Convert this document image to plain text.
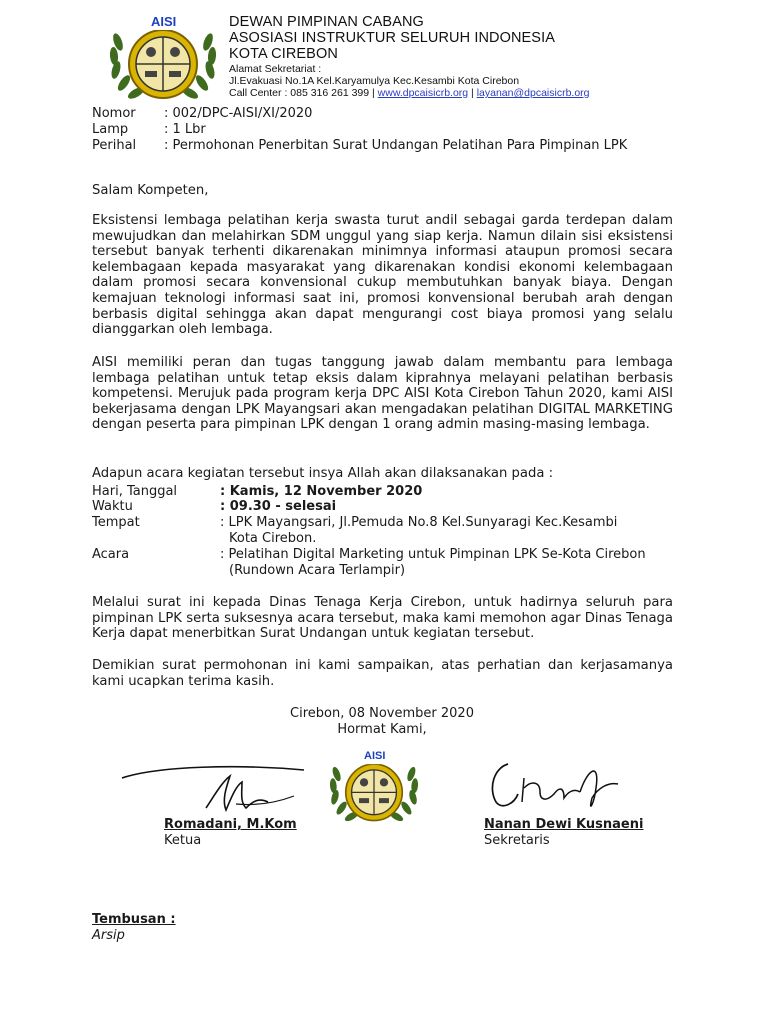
AISI	DEWAN PIMPINAN CABANG
ASOSIASI INSTRUKTUR SELURUH INDONESIA
KOTA CIREBON
Alamat Sekretariat :
Jl.Evakuasi No.1A Kel.Karyamulya Kec.Kesambi Kota Cirebon
Call Center : 085 316 261 399 | www.dpcaisicrb.org | layanan@dpcaisicrb.org
Nomor : 002/DPC-AISI/XI/2020
Lamp	: 1 Lbr
Perihal : Permohonan Penerbitan Surat Undangan Pelatihan Para Pimpinan LPK
Salam Kompeten,
Eksistensi lembaga pelatihan kerja swasta turut andil sebagai garda terdepan dalam mewujudkan dan melahirkan SDM unggul yang siap kerja. Namun dilain sisi eksistensi tersebut banyak terhenti dikarenakan minimnya informasi ataupun promosi secara kelembagaan kepada masyarakat yang dikarenakan kondisi ekonomi kelembagaan dalam promosi secara konvensional cukup membutuhkan banyak biaya. Dengan kemajuan teknologi informasi saat ini, promosi konvensional berubah arah dengan berbasis digital sehingga akan dapat mengurangi cost biaya promosi yang selalu dianggarkan oleh lembaga.
AISI memiliki peran dan tugas tanggung jawab dalam membantu para lembaga lembaga pelatihan untuk tetap eksis dalam kiprahnya melayani pelatihan berbasis kompetensi. Merujuk pada program kerja DPC AISI Kota Cirebon Tahun 2020, kami AISI bekerjasama dengan LPK Mayangsari akan mengadakan pelatihan DIGITAL MARKETING dengan peserta para pimpinan LPK dengan 1 orang admin masing-masing lembaga.
Adapun acara kegiatan tersebut insya Allah akan dilaksanakan pada :
Hari, Tanggal	: Kamis, 12 November 2020
Waktu	: 09.30 - selesai
Tempat	: LPK Mayangsari, Jl.Pemuda No.8 Kel.Sunyaragi Kec.Kesambi
Kota Cirebon.
Acara	: Pelatihan Digital Marketing untuk Pimpinan LPK Se-Kota Cirebon
(Rundown Acara Terlampir)
Melalui surat ini kepada Dinas Tenaga Kerja Cirebon, untuk hadirnya seluruh para pimpinan LPK serta suksesnya acara tersebut, maka kami memohon agar Dinas Tenaga Kerja dapat menerbitkan Surat Undangan untuk kegiatan tersebut.
Demikian surat permohonan ini kami sampaikan, atas perhatian dan kerjasamanya kami ucapkan terima kasih.
Cirebon, 08 November 2020
Hormat Kami,
AISI
Romadani, M.Kom
Ketua
Nanan Dewi Kusnaeni
Sekretaris
Tembusan :
Arsip
